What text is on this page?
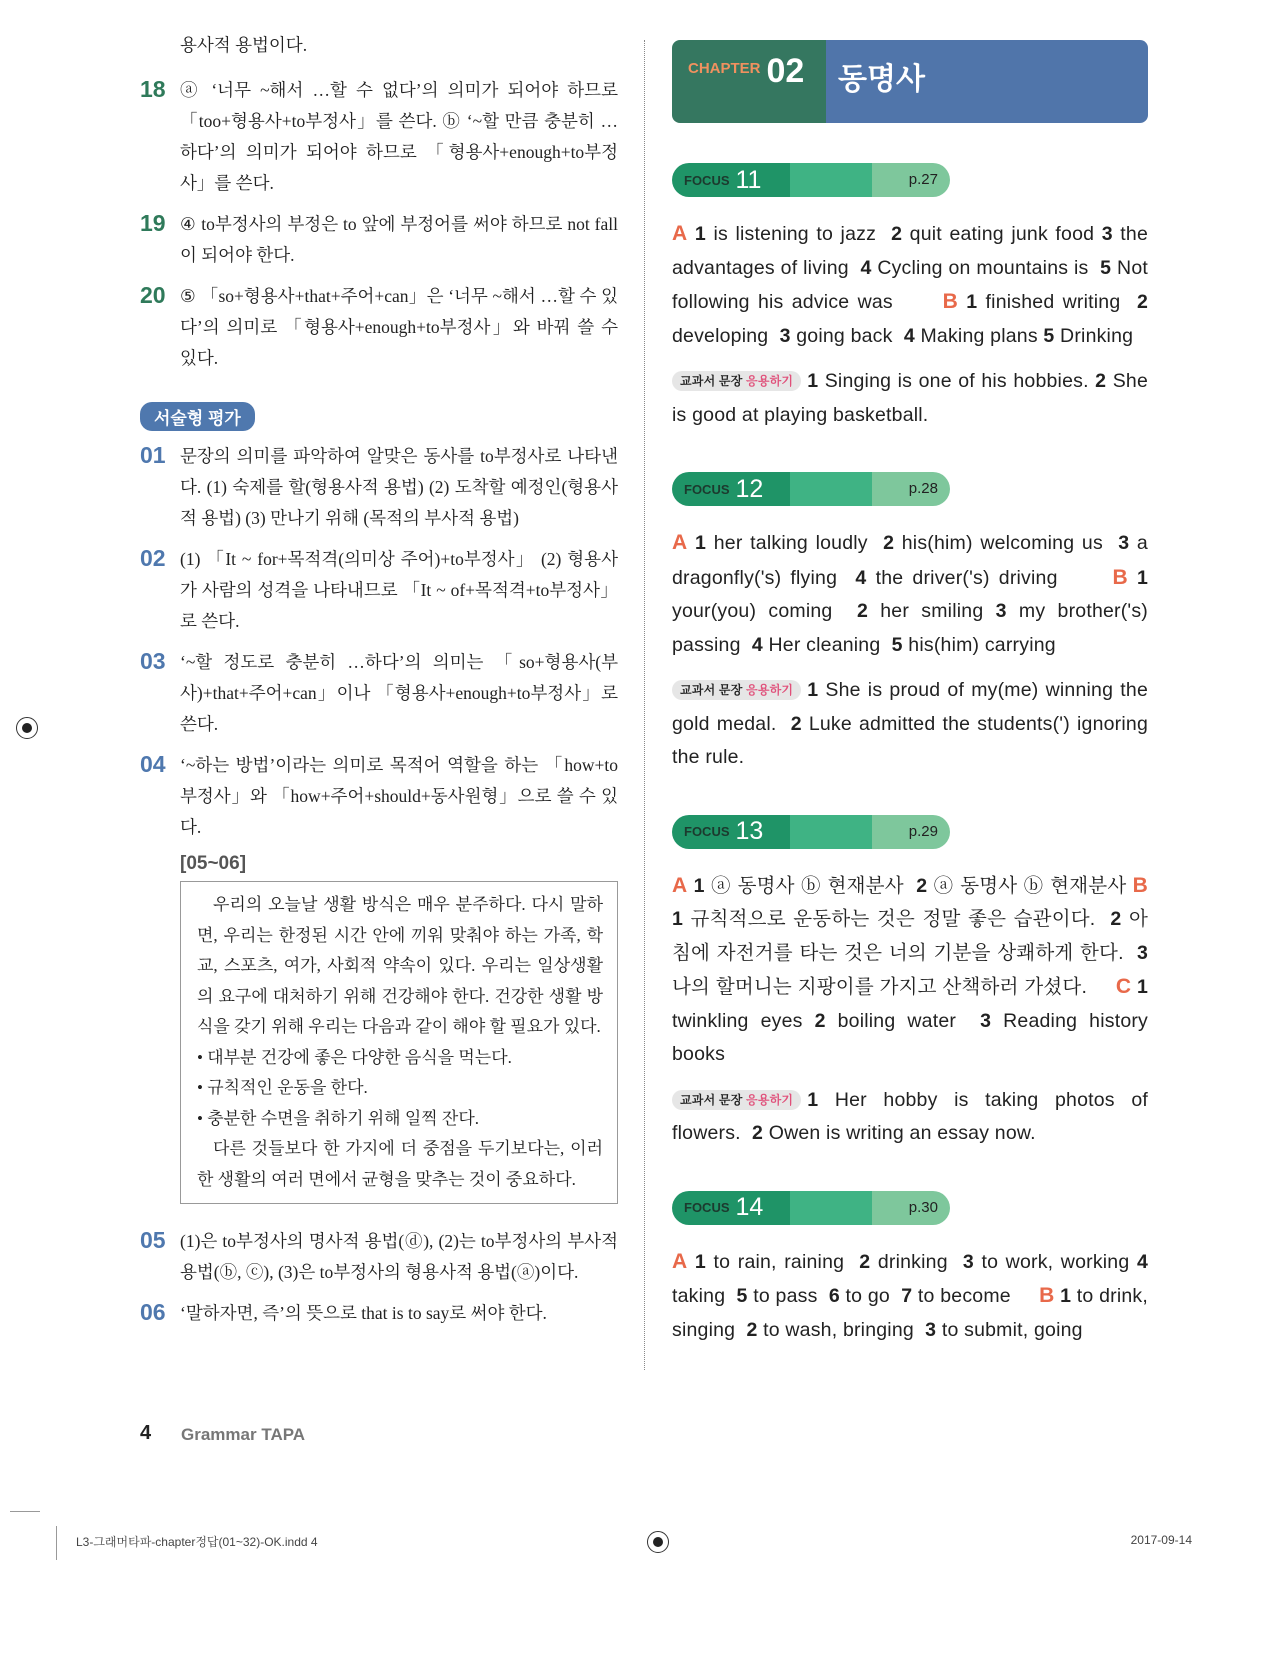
용사적 용법이다.
18 ⓐ ‘너무 ~해서 …할 수 없다’의 의미가 되어야 하므로 「too+형용사+to부정사」를 쓴다. ⓑ ‘~할 만큼 충분히 …하다’의 의미가 되어야 하므로 「형용사+enough+to부정사」를 쓴다.
19 ④ to부정사의 부정은 to 앞에 부정어를 써야 하므로 not fall이 되어야 한다.
20 ⑤ 「so+형용사+that+주어+can」은 ‘너무 ~해서 …할 수 있다’의 의미로 「형용사+enough+to부정사」와 바꿔 쓸 수 있다.
서술형 평가
01 문장의 의미를 파악하여 알맞은 동사를 to부정사로 나타낸다. (1) 숙제를 할(형용사적 용법) (2) 도착할 예정인(형용사적 용법) (3) 만나기 위해 (목적의 부사적 용법)
02 (1) 「It ~ for+목적격(의미상 주어)+to부정사」 (2) 형용사가 사람의 성격을 나타내므로 「It ~ of+목적격+to부정사」로 쓴다.
03 ‘~할 정도로 충분히 …하다’의 의미는 「so+형용사(부사)+that+주어+can」이나 「형용사+enough+to부정사」로 쓴다.
04 ‘~하는 방법’이라는 의미로 목적어 역할을 하는 「how+to부정사」와 「how+주어+should+동사원형」으로 쓸 수 있다.
[05~06]

우리의 오늘날 생활 방식은 매우 분주하다. 다시 말하면, 우리는 한정된 시간 안에 끼워 맞춰야 하는 가족, 학교, 스포츠, 여가, 사회적 약속이 있다. 우리는 일상생활의 요구에 대처하기 위해 건강해야 한다. 건강한 생활 방식을 갖기 위해 우리는 다음과 같이 해야 할 필요가 있다.

• 대부분 건강에 좋은 다양한 음식을 먹는다.

• 규칙적인 운동을 한다.

• 충분한 수면을 취하기 위해 일찍 잔다.

다른 것들보다 한 가지에 더 중점을 두기보다는, 이러한 생활의 여러 면에서 균형을 맞추는 것이 중요하다.

05 (1)은 to부정사의 명사적 용법(ⓓ), (2)는 to부정사의 부사적 용법(ⓑ, ⓒ), (3)은 to부정사의 형용사적 용법(ⓐ)이다.
06 ‘말하자면, 즉’의 뜻으로 that is to say로 써야 한다.
CHAPTER 02	동명사
FOCUS 11	p.27
A 1 is listening to jazz  2 quit eating junk food 3 the advantages of living  4 Cycling on mountains is  5 Not following his advice was      B 1 finished writing  2 developing  3 going back  4 Making plans 5 Drinking
교과서 문장 응용하기 1 Singing is one of his hobbies. 2 She is good at playing basketball.
FOCUS 12	p.28
A 1 her talking loudly  2 his(him) welcoming us  3 a dragonfly('s) flying  4 the driver('s) driving      B 1 your(you) coming  2 her smiling 3 my brother('s) passing  4 Her cleaning  5 his(him) carrying
교과서 문장 응용하기 1 She is proud of my(me) winning the gold medal.  2 Luke admitted the students(') ignoring the rule.
FOCUS 13	p.29
A 1 ⓐ 동명사 ⓑ 현재분사  2 ⓐ 동명사 ⓑ 현재분사 B 1 규칙적으로 운동하는 것은 정말 좋은 습관이다.  2 아침에 자전거를 타는 것은 너의 기분을 상쾌하게 한다.  3 나의 할머니는 지팡이를 가지고 산책하러 가셨다.     C 1 twinkling eyes 2 boiling water  3 Reading history books
교과서 문장 응용하기 1 Her hobby is taking photos of flowers.  2 Owen is writing an essay now.
FOCUS 14	p.30
A 1 to rain, raining  2 drinking  3 to work, working 4 taking  5 to pass  6 to go  7 to become     B 1 to drink, singing  2 to wash, bringing  3 to submit, going
4 Grammar TAPA
L3-그래머타파-chapter정답(01~32)-OK.indd 4	2017-09-14
